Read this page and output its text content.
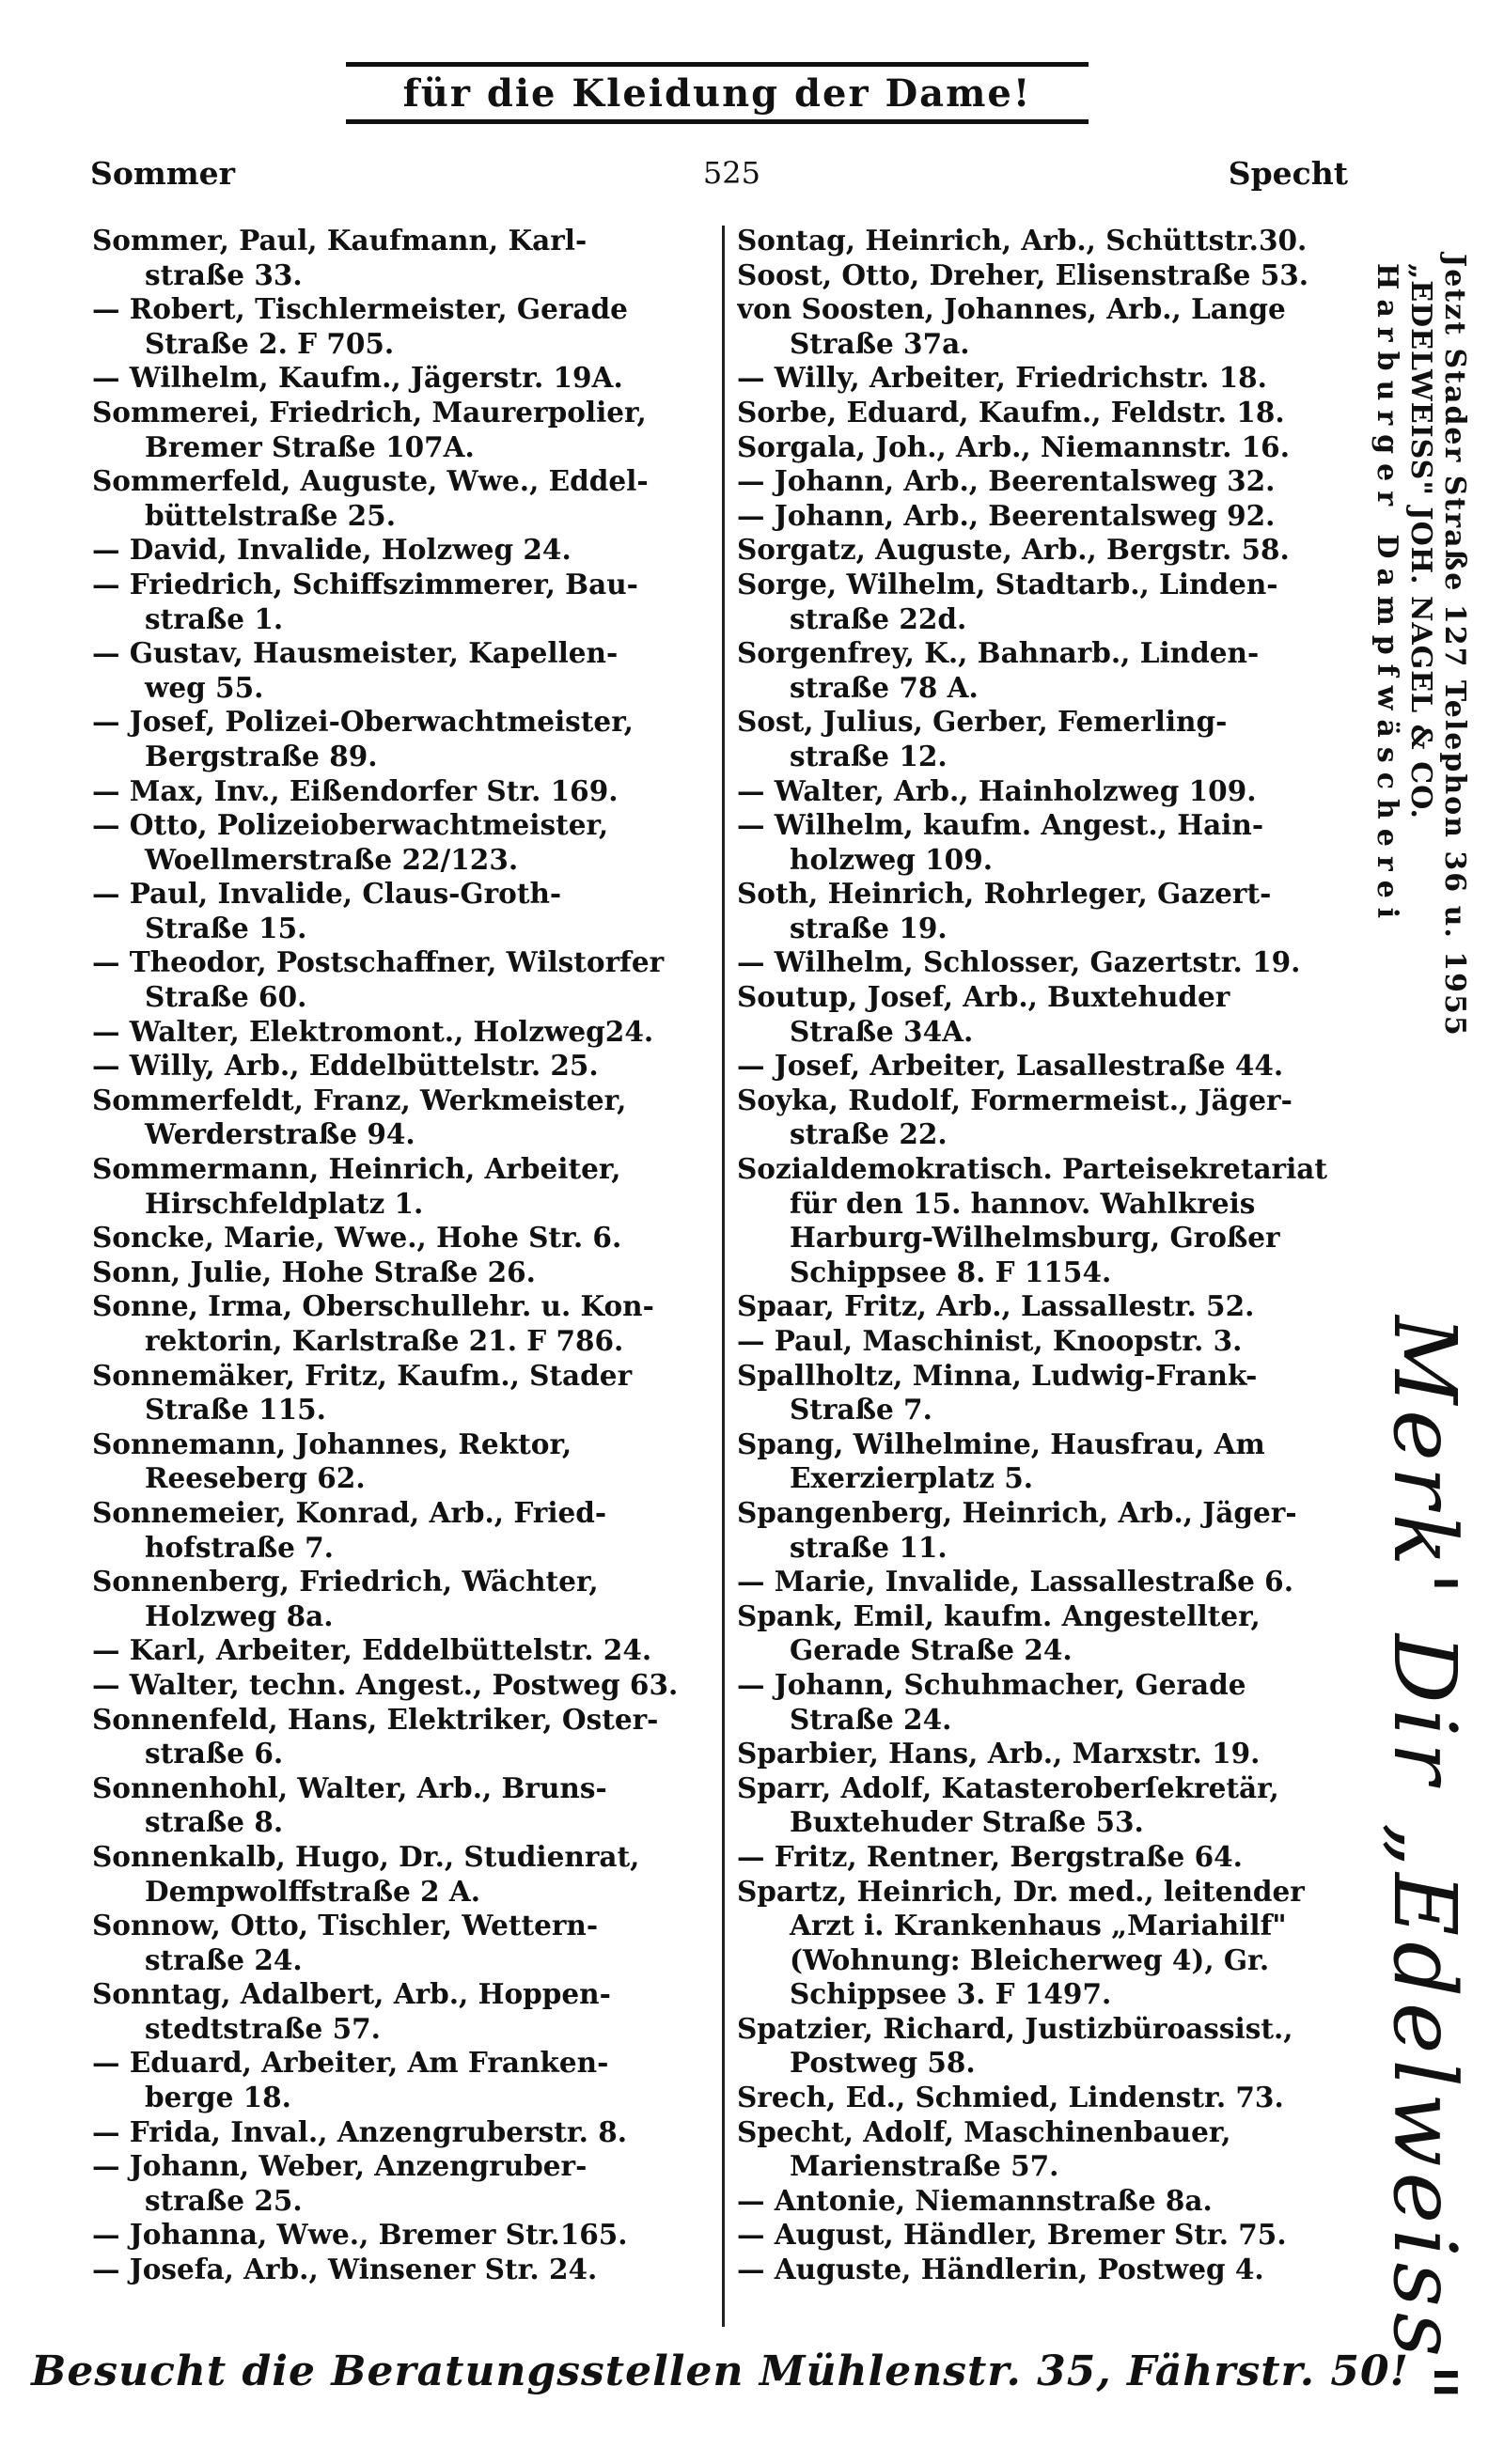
für die Kleidung der Dame!
Sommer	525	Specht
Sommer, Paul, Kaufmann, Karl-
straße 33.
— Robert, Tischlermeister, Gerade
Straße 2. F 705.
— Wilhelm, Kaufm., Jägerstr. 19A.
Sommerei, Friedrich, Maurerpolier,
Bremer Straße 107A.
Sommerfeld, Auguste, Wwe., Eddel-
büttelstraße 25.
— David, Invalide, Holzweg 24.
— Friedrich, Schiffszimmerer, Bau-
straße 1.
— Gustav, Hausmeister, Kapellen-
weg 55.
— Josef, Polizei-Oberwachtmeister,
Bergstraße 89.
— Max, Inv., Eißendorfer Str. 169.
— Otto, Polizeioberwachtmeister,
Woellmerstraße 22/123.
— Paul, Invalide, Claus-Groth-
Straße 15.
— Theodor, Postschaffner, Wilstorfer
Straße 60.
— Walter, Elektromont., Holzweg24.
— Willy, Arb., Eddelbüttelstr. 25.
Sommerfeldt, Franz, Werkmeister,
Werderstraße 94.
Sommermann, Heinrich, Arbeiter,
Hirschfeldplatz 1.
Soncke, Marie, Wwe., Hohe Str. 6.
Sonn, Julie, Hohe Straße 26.
Sonne, Irma, Oberschullehr. u. Kon-
rektorin, Karlstraße 21. F 786.
Sonnemäker, Fritz, Kaufm., Stader
Straße 115.
Sonnemann, Johannes, Rektor,
Reeseberg 62.
Sonnemeier, Konrad, Arb., Fried-
hofstraße 7.
Sonnenberg, Friedrich, Wächter,
Holzweg 8a.
— Karl, Arbeiter, Eddelbüttelstr. 24.
— Walter, techn. Angest., Postweg 63.
Sonnenfeld, Hans, Elektriker, Oster-
straße 6.
Sonnenhohl, Walter, Arb., Bruns-
straße 8.
Sonnenkalb, Hugo, Dr., Studienrat,
Dempwolffstraße 2 A.
Sonnow, Otto, Tischler, Wettern-
straße 24.
Sonntag, Adalbert, Arb., Hoppen-
stedtstraße 57.
— Eduard, Arbeiter, Am Franken-
berge 18.
— Frida, Inval., Anzengruberstr. 8.
— Johann, Weber, Anzengruber-
straße 25.
— Johanna, Wwe., Bremer Str.165.
— Josefa, Arb., Winsener Str. 24.
Sontag, Heinrich, Arb., Schüttstr.30.
Soost, Otto, Dreher, Elisenstraße 53.
von Soosten, Johannes, Arb., Lange
Straße 37a.
— Willy, Arbeiter, Friedrichstr. 18.
Sorbe, Eduard, Kaufm., Feldstr. 18.
Sorgala, Joh., Arb., Niemannstr. 16.
— Johann, Arb., Beerentalsweg 32.
— Johann, Arb., Beerentalsweg 92.
Sorgatz, Auguste, Arb., Bergstr. 58.
Sorge, Wilhelm, Stadtarb., Linden-
straße 22d.
Sorgenfrey, K., Bahnarb., Linden-
straße 78 A.
Sost, Julius, Gerber, Femerling-
straße 12.
— Walter, Arb., Hainholzweg 109.
— Wilhelm, kaufm. Angest., Hain-
holzweg 109.
Soth, Heinrich, Rohrleger, Gazert-
straße 19.
— Wilhelm, Schlosser, Gazertstr. 19.
Soutup, Josef, Arb., Buxtehuder
Straße 34A.
— Josef, Arbeiter, Lasallestraße 44.
Soyka, Rudolf, Formermeist., Jäger-
straße 22.
Sozialdemokratisch. Parteisekretariat
für den 15. hannov. Wahlkreis
Harburg-Wilhelmsburg, Großer
Schippsee 8. F 1154.
Spaar, Fritz, Arb., Lassallestr. 52.
— Paul, Maschinist, Knoopstr. 3.
Spallholtz, Minna, Ludwig-Frank-
Straße 7.
Spang, Wilhelmine, Hausfrau, Am
Exerzierplatz 5.
Spangenberg, Heinrich, Arb., Jäger-
straße 11.
— Marie, Invalide, Lassallestraße 6.
Spank, Emil, kaufm. Angestellter,
Gerade Straße 24.
— Johann, Schuhmacher, Gerade
Straße 24.
Sparbier, Hans, Arb., Marxstr. 19.
Sparr, Adolf, Katasteroberſekretär,
Buxtehuder Straße 53.
— Fritz, Rentner, Bergstraße 64.
Spartz, Heinrich, Dr. med., leitender
Arzt i. Krankenhaus „Mariahilf"
(Wohnung: Bleicherweg 4), Gr.
Schippsee 3. F 1497.
Spatzier, Richard, Justizbüroassist.,
Postweg 58.
Srech, Ed., Schmied, Lindenstr. 73.
Specht, Adolf, Maschinenbauer,
Marienstraße 57.
— Antonie, Niemannstraße 8a.
— August, Händler, Bremer Str. 75.
— Auguste, Händlerin, Postweg 4.
Harburger Dampfwäscherei „EDELWEISS" JOH. NAGEL & CO. Jetzt Stader Straße 127 Telephon 36 u. 1955
Merk' Dir „Edelweiss"
Besucht die Beratungsstellen Mühlenstr. 35, Fährstr. 50!
